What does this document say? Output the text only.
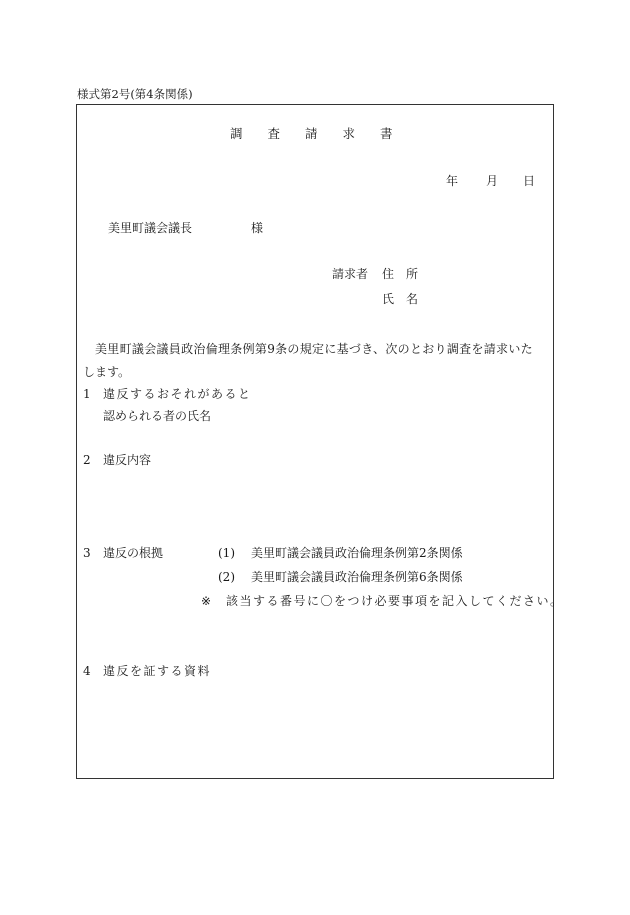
様式第2号(第4条関係)
調 査 請 求 書
年 月 日
美里町議会議長	様
請求者 住　所
氏　名
美里町議会議員政治倫理条例第9条の規定に基づき、次のとおり調査を請求いた
します。
1 違反するおそれがあると
認められる者の氏名
2 違反内容
3 違反の根拠	(1) 美里町議会議員政治倫理条例第2条関係
(2) 美里町議会議員政治倫理条例第6条関係
※ 該当する番号に〇をつけ必要事項を記入してください。
4 違反を証する資料
